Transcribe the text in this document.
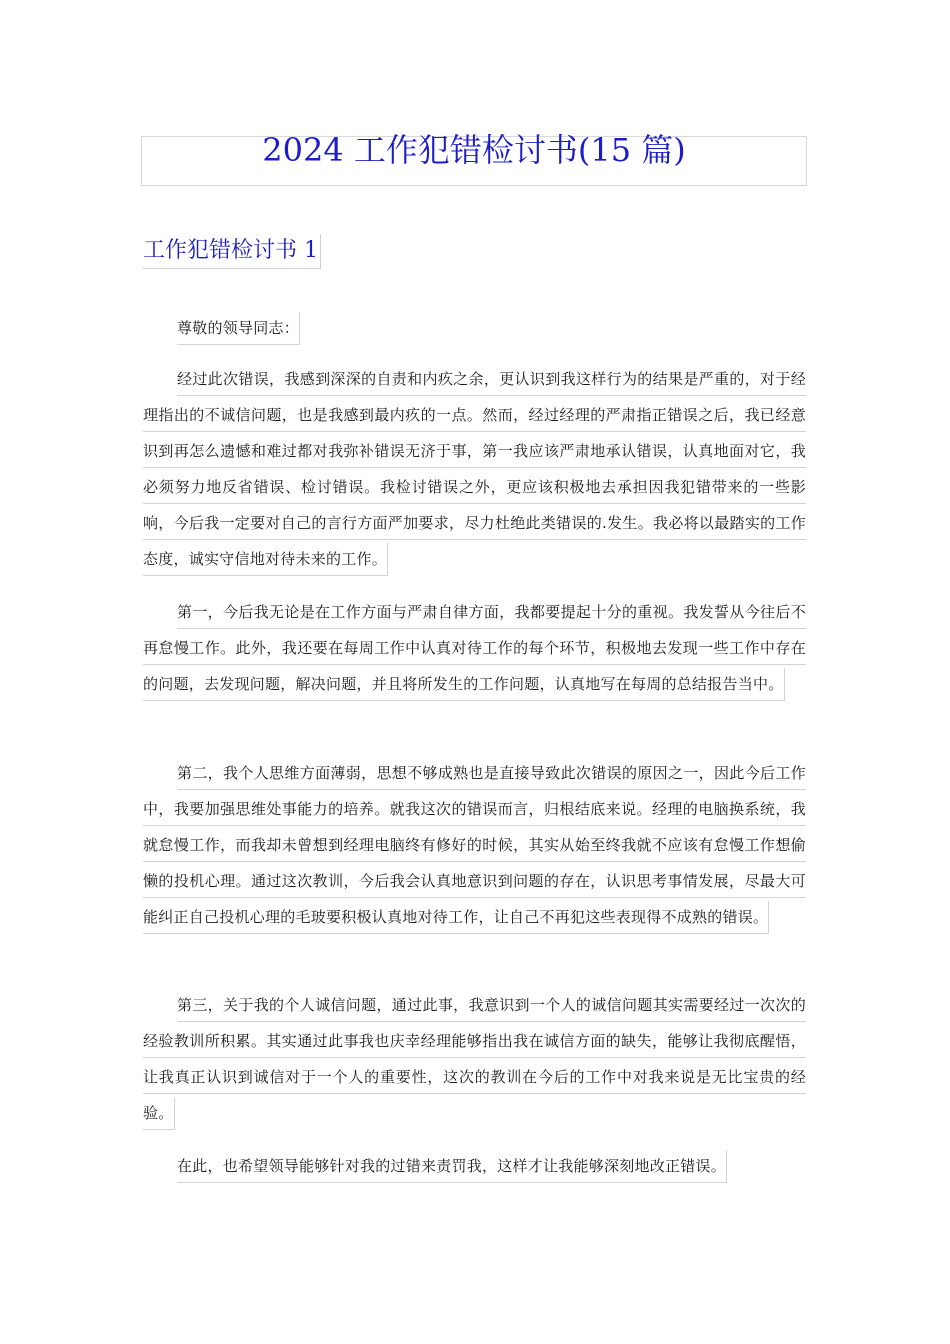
2024 工作犯错检讨书(15 篇)
工作犯错检讨书 1

尊敬的领导同志：

经过此次错误，我感到深深的自责和内疚之余，更认识到我这样行为的结果是严重的，对于经理指出的不诚信问题，也是我感到最内疚的一点。然而，经过经理的严肃指正错误之后，我已经意识到再怎么遗憾和难过都对我弥补错误无济于事，第一我应该严肃地承认错误，认真地面对它，我必须努力地反省错误、检讨错误。我检讨错误之外，更应该积极地去承担因我犯错带来的一些影响，今后我一定要对自己的言行方面严加要求，尽力杜绝此类错误的.发生。我必将以最踏实的工作态度，诚实守信地对待未来的工作。

第一，今后我无论是在工作方面与严肃自律方面，我都要提起十分的重视。我发誓从今往后不再怠慢工作。此外，我还要在每周工作中认真对待工作的每个环节，积极地去发现一些工作中存在的问题，去发现问题，解决问题，并且将所发生的工作问题，认真地写在每周的总结报告当中。

第二，我个人思维方面薄弱，思想不够成熟也是直接导致此次错误的原因之一，因此今后工作中，我要加强思维处事能力的培养。就我这次的错误而言，归根结底来说。经理的电脑换系统，我就怠慢工作，而我却未曾想到经理电脑终有修好的时候，其实从始至终我就不应该有怠慢工作想偷懒的投机心理。通过这次教训，今后我会认真地意识到问题的存在，认识思考事情发展，尽最大可能纠正自己投机心理的毛玻要积极认真地对待工作，让自己不再犯这些表现得不成熟的错误。

第三，关于我的个人诚信问题，通过此事，我意识到一个人的诚信问题其实需要经过一次次的经验教训所积累。其实通过此事我也庆幸经理能够指出我在诚信方面的缺失，能够让我彻底醒悟，让我真正认识到诚信对于一个人的重要性，这次的教训在今后的工作中对我来说是无比宝贵的经验。

在此，也希望领导能够针对我的过错来责罚我，这样才让我能够深刻地改正错误。
